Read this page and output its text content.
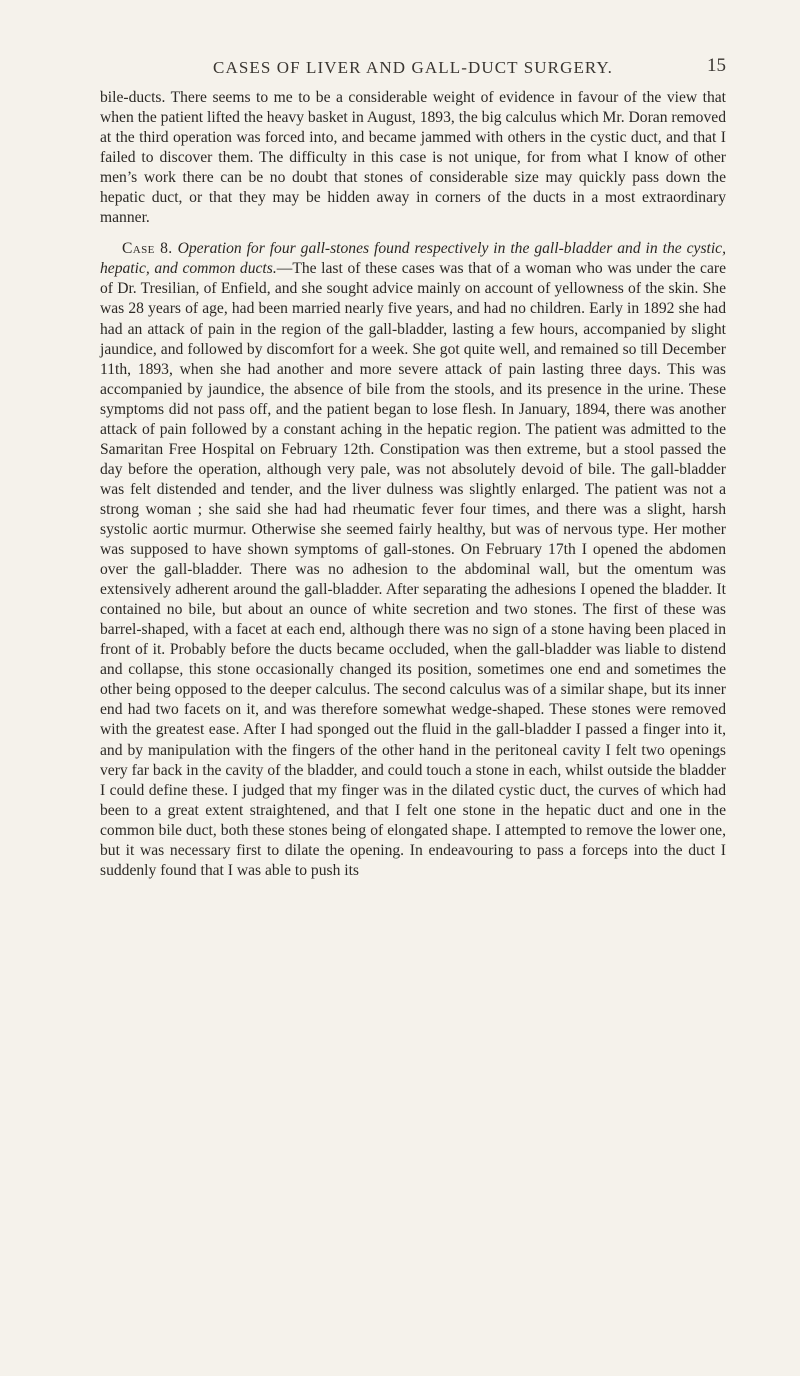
CASES OF LIVER AND GALL-DUCT SURGERY.	15

bile-ducts. There seems to me to be a considerable weight of evidence in favour of the view that when the patient lifted the heavy basket in August, 1893, the big calculus which Mr. Doran removed at the third operation was forced into, and became jammed with others in the cystic duct, and that I failed to discover them. The difficulty in this case is not unique, for from what I know of other men’s work there can be no doubt that stones of considerable size may quickly pass down the hepatic duct, or that they may be hidden away in corners of the ducts in a most extraordinary manner.

Case 8. Operation for four gall-stones found respectively in the gall-bladder and in the cystic, hepatic, and common ducts.—The last of these cases was that of a woman who was under the care of Dr. Tresilian, of Enfield, and she sought advice mainly on account of yellowness of the skin. She was 28 years of age, had been married nearly five years, and had no children. Early in 1892 she had had an attack of pain in the region of the gall-bladder, lasting a few hours, accompanied by slight jaundice, and followed by discomfort for a week. She got quite well, and remained so till December 11th, 1893, when she had another and more severe attack of pain lasting three days. This was accompanied by jaundice, the absence of bile from the stools, and its presence in the urine. These symptoms did not pass off, and the patient began to lose flesh. In January, 1894, there was another attack of pain followed by a constant aching in the hepatic region. The patient was admitted to the Samaritan Free Hospital on February 12th. Constipation was then extreme, but a stool passed the day before the operation, although very pale, was not absolutely devoid of bile. The gall-bladder was felt distended and tender, and the liver dulness was slightly enlarged. The patient was not a strong woman ; she said she had had rheumatic fever four times, and there was a slight, harsh systolic aortic murmur. Otherwise she seemed fairly healthy, but was of nervous type. Her mother was supposed to have shown symptoms of gall-stones. On February 17th I opened the abdomen over the gall-bladder. There was no adhesion to the abdominal wall, but the omentum was extensively adherent around the gall-bladder. After separating the adhesions I opened the bladder. It contained no bile, but about an ounce of white secretion and two stones. The first of these was barrel-shaped, with a facet at each end, although there was no sign of a stone having been placed in front of it. Probably before the ducts became occluded, when the gall-bladder was liable to distend and collapse, this stone occasionally changed its position, sometimes one end and sometimes the other being opposed to the deeper calculus. The second calculus was of a similar shape, but its inner end had two facets on it, and was therefore somewhat wedge-shaped. These stones were removed with the greatest ease. After I had sponged out the fluid in the gall-bladder I passed a finger into it, and by manipulation with the fingers of the other hand in the peritoneal cavity I felt two openings very far back in the cavity of the bladder, and could touch a stone in each, whilst outside the bladder I could define these. I judged that my finger was in the dilated cystic duct, the curves of which had been to a great extent straightened, and that I felt one stone in the hepatic duct and one in the common bile duct, both these stones being of elongated shape. I attempted to remove the lower one, but it was necessary first to dilate the opening. In endeavouring to pass a forceps into the duct I suddenly found that I was able to push its
